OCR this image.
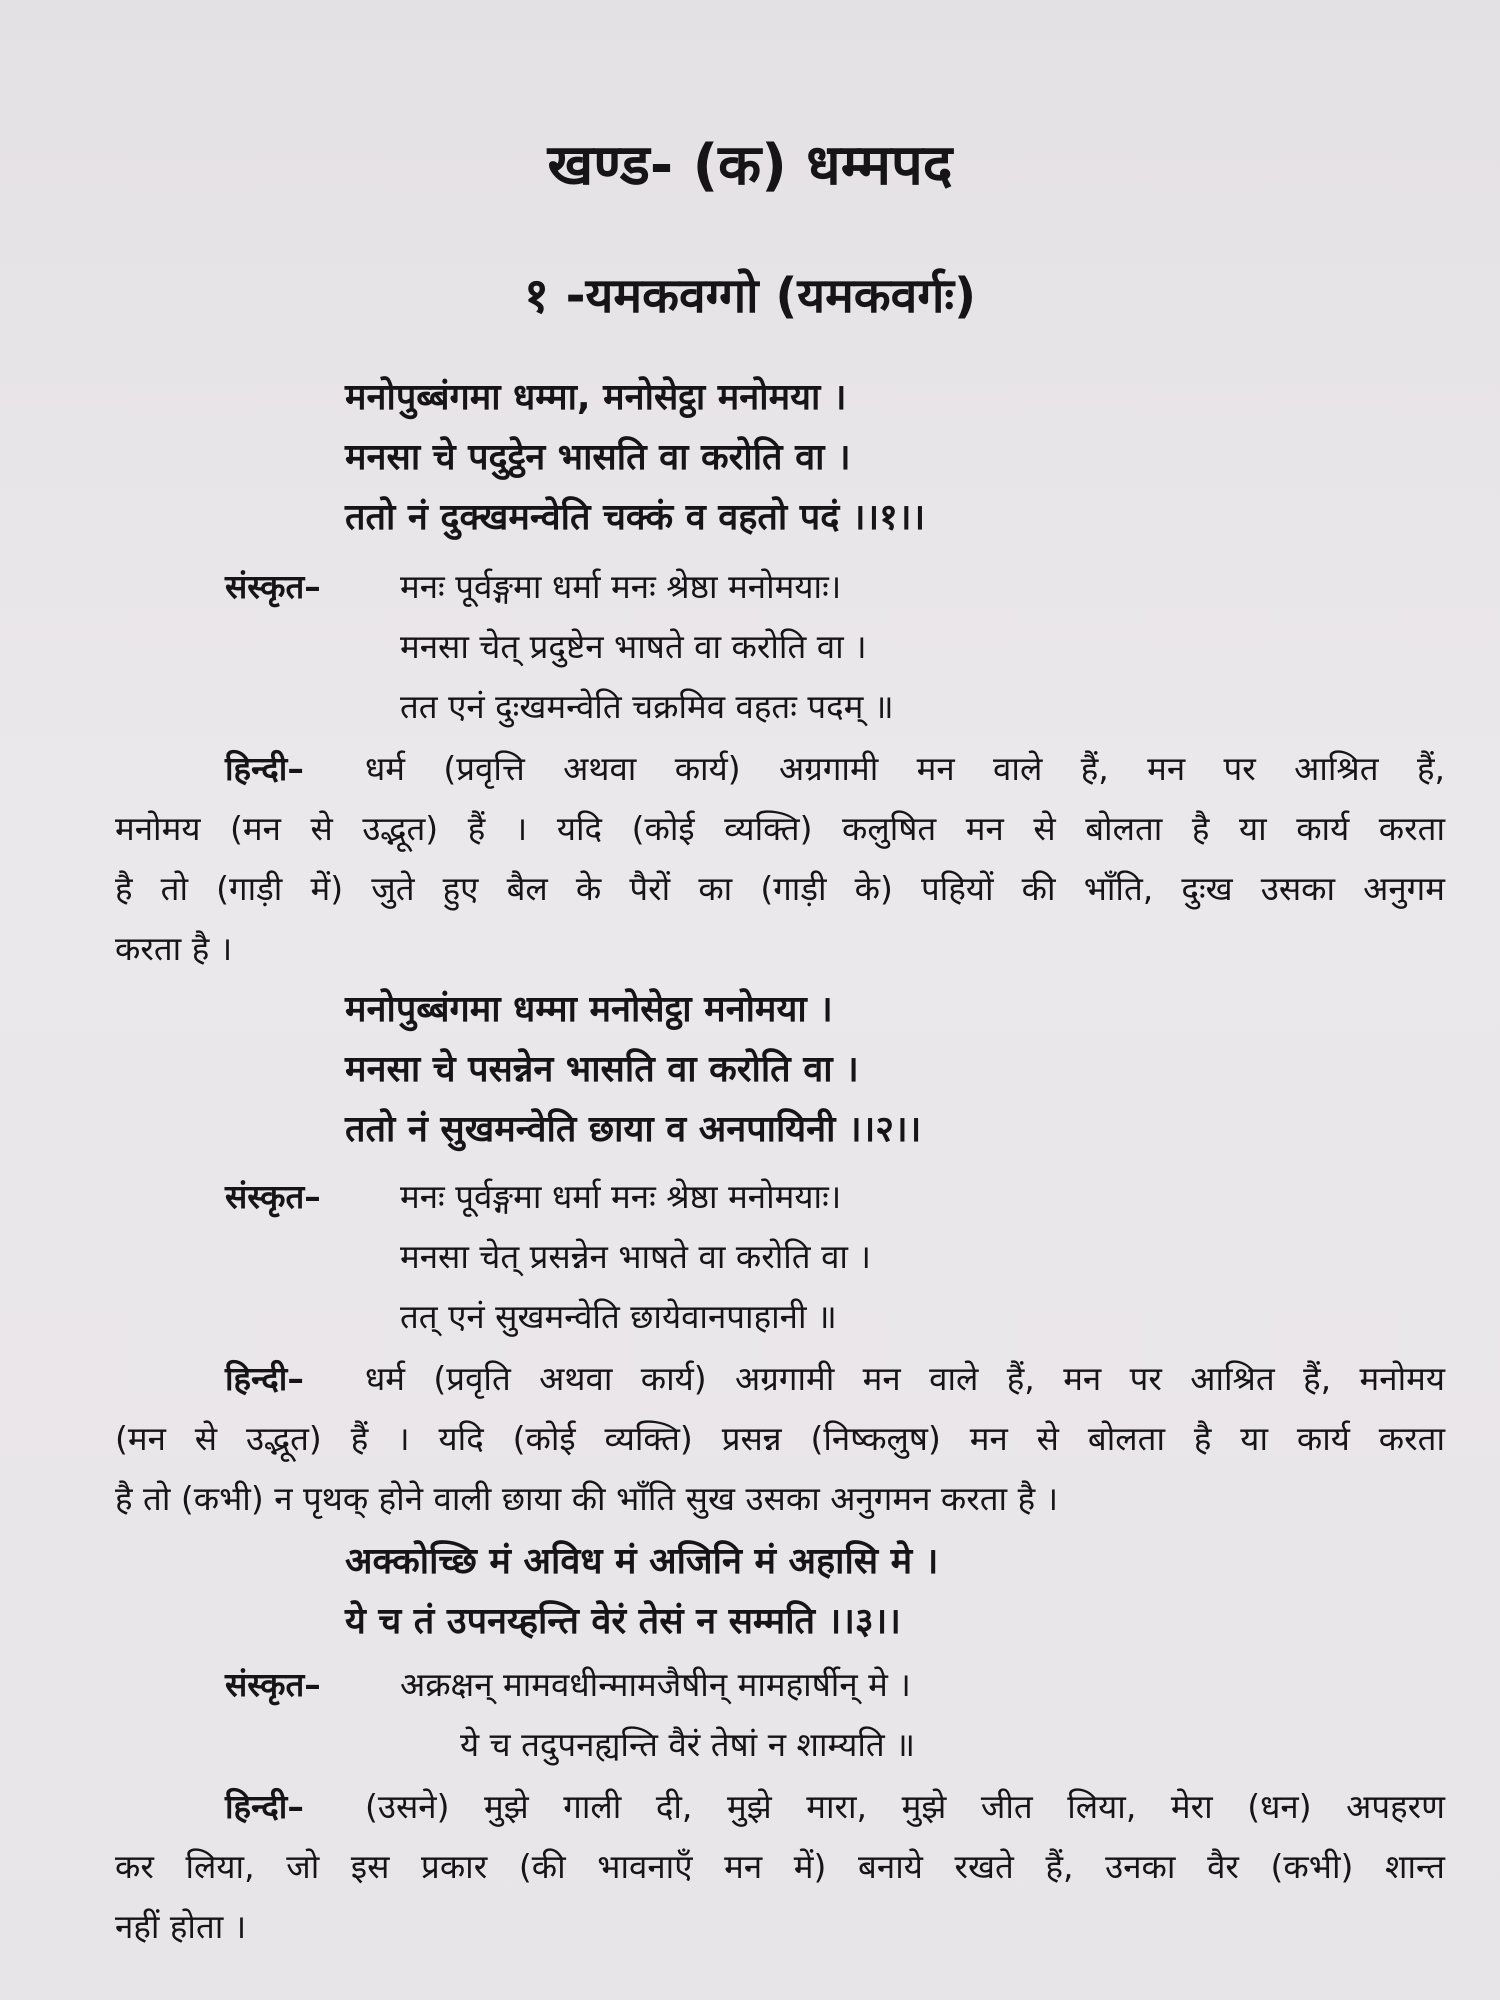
खण्ड- (क) धम्मपद
१ -यमकवग्गो (यमकवर्गः)
मनोपुब्बंगमा धम्मा, मनोसेट्ठा मनोमया ।
मनसा चे पदुट्ठेन भासति वा करोति वा ।
ततो नं दुक्खमन्वेति चक्कं व वहतो पदं ।।१।।
संस्कृत– मनः पूर्वङ्गमा धर्मा मनः श्रेष्ठा मनोमयाः।
मनसा चेत् प्रदुष्टेन भाषते वा करोति वा ।
तत एनं दुःखमन्वेति चक्रमिव वहतः पदम् ॥
हिन्दी– धर्म (प्रवृत्ति अथवा कार्य) अग्रगामी मन वाले हैं, मन पर आश्रित हैं,
मनोमय (मन से उद्भूत) हैं । यदि (कोई व्यक्ति) कलुषित मन से बोलता है या कार्य करता
है तो (गाड़ी में) जुते हुए बैल के पैरों का (गाड़ी के) पहियों की भाँति, दुःख उसका अनुगम
करता है ।
मनोपुब्बंगमा धम्मा मनोसेट्ठा मनोमया ।
मनसा चे पसन्नेन भासति वा करोति वा ।
ततो नं सुखमन्वेति छाया व अनपायिनी ।।२।।
संस्कृत– मनः पूर्वङ्गमा धर्मा मनः श्रेष्ठा मनोमयाः।
मनसा चेत् प्रसन्नेन भाषते वा करोति वा ।
तत् एनं सुखमन्वेति छायेवानपाहानी ॥
हिन्दी– धर्म (प्रवृति अथवा कार्य) अग्रगामी मन वाले हैं, मन पर आश्रित हैं, मनोमय
(मन से उद्भूत) हैं । यदि (कोई व्यक्ति) प्रसन्न (निष्कलुष) मन से बोलता है या कार्य करता
है तो (कभी) न पृथक् होने वाली छाया की भाँति सुख उसका अनुगमन करता है ।
अक्कोच्छि मं अविध मं अजिनि मं अहासि मे ।
ये च तं उपनय्हन्ति वेरं तेसं न सम्मति ।।३।।
संस्कृत– अक्रक्षन् मामवधीन्मामजैषीन् मामहार्षीन् मे ।
ये च तदुपनह्यन्ति वैरं तेषां न शाम्यति ॥
हिन्दी– (उसने) मुझे गाली दी, मुझे मारा, मुझे जीत लिया, मेरा (धन) अपहरण
कर लिया, जो इस प्रकार (की भावनाएँ मन में) बनाये रखते हैं, उनका वैर (कभी) शान्त
नहीं होता ।
